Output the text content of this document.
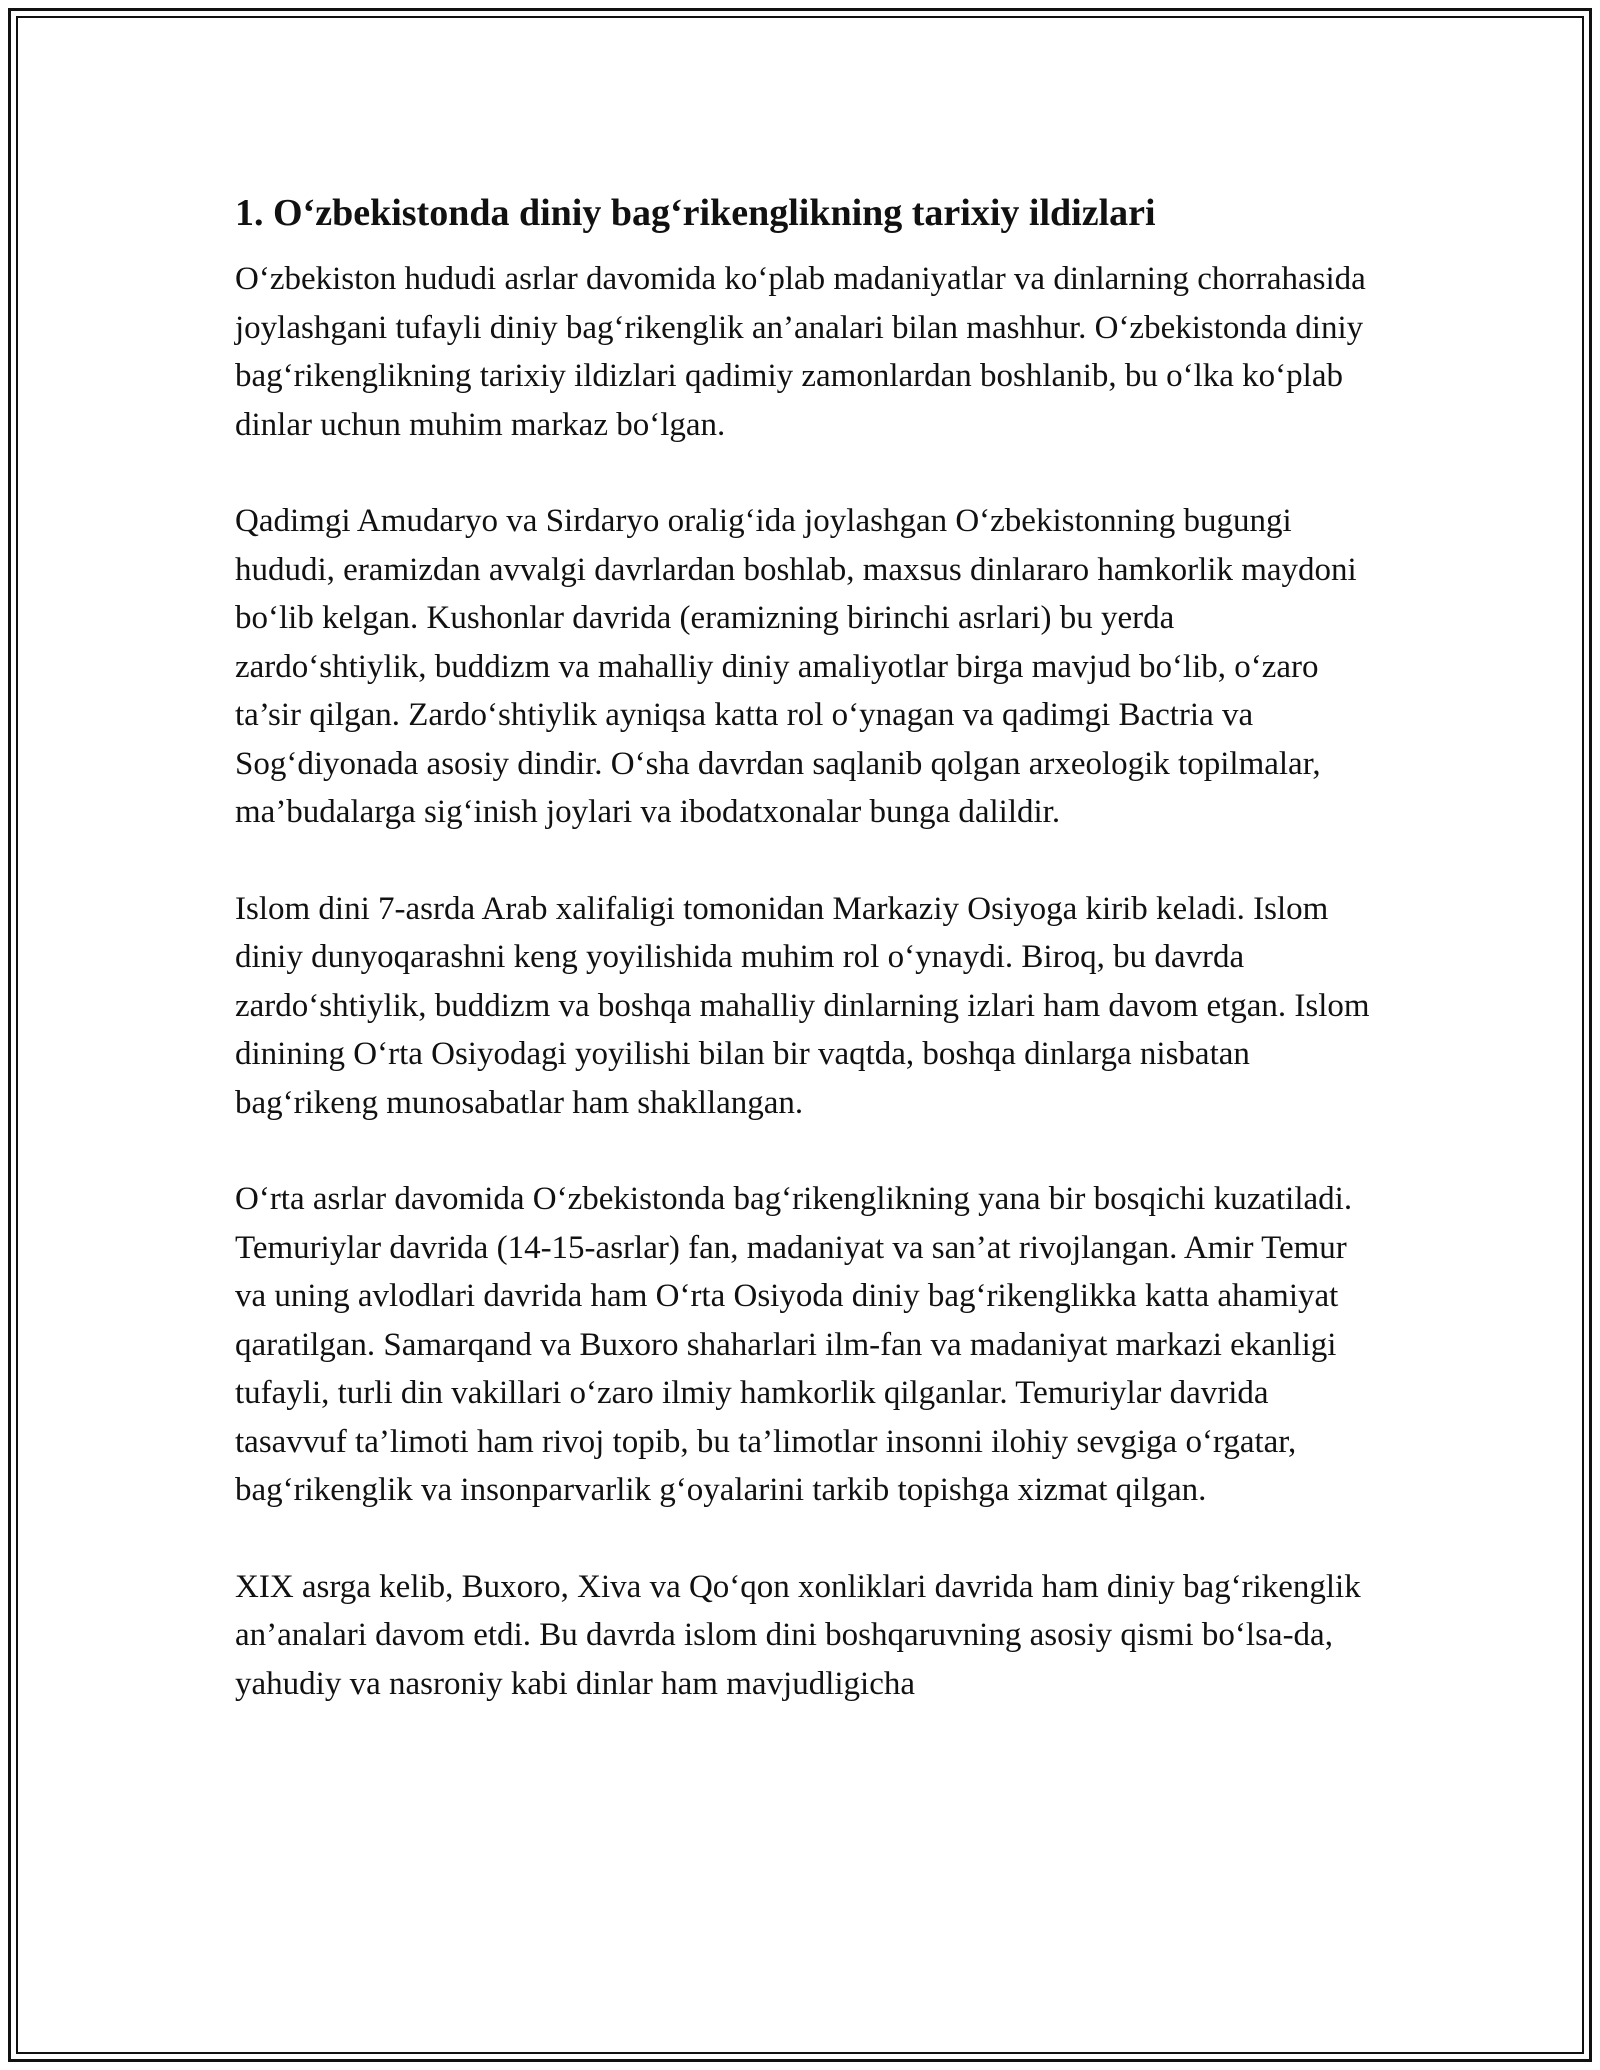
1. O‘zbekistonda diniy bag‘rikenglikning tarixiy ildizlari

O‘zbekiston hududi asrlar davomida ko‘plab madaniyatlar va dinlarning chorrahasida joylashgani tufayli diniy bag‘rikenglik an’analari bilan mashhur. O‘zbekistonda diniy bag‘rikenglikning tarixiy ildizlari qadimiy zamonlardan boshlanib, bu o‘lka ko‘plab dinlar uchun muhim markaz bo‘lgan.

Qadimgi Amudaryo va Sirdaryo oralig‘ida joylashgan O‘zbekistonning bugungi hududi, eramizdan avvalgi davrlardan boshlab, maxsus dinlararo hamkorlik maydoni bo‘lib kelgan. Kushonlar davrida (eramizning birinchi asrlari) bu yerda zardo‘shtiylik, buddizm va mahalliy diniy amaliyotlar birga mavjud bo‘lib, o‘zaro ta’sir qilgan. Zardo‘shtiylik ayniqsa katta rol o‘ynagan va qadimgi Bactria va Sog‘diyonada asosiy dindir. O‘sha davrdan saqlanib qolgan arxeologik topilmalar, ma’budalarga sig‘inish joylari va ibodatxonalar bunga dalildir.

Islom dini 7-asrda Arab xalifaligi tomonidan Markaziy Osiyoga kirib keladi. Islom diniy dunyoqarashni keng yoyilishida muhim rol o‘ynaydi. Biroq, bu davrda zardo‘shtiylik, buddizm va boshqa mahalliy dinlarning izlari ham davom etgan. Islom dinining O‘rta Osiyodagi yoyilishi bilan bir vaqtda, boshqa dinlarga nisbatan bag‘rikeng munosabatlar ham shakllangan.

O‘rta asrlar davomida O‘zbekistonda bag‘rikenglikning yana bir bosqichi kuzatiladi. Temuriylar davrida (14-15-asrlar) fan, madaniyat va san’at rivojlangan. Amir Temur va uning avlodlari davrida ham O‘rta Osiyoda diniy bag‘rikenglikka katta ahamiyat qaratilgan. Samarqand va Buxoro shaharlari ilm-fan va madaniyat markazi ekanligi tufayli, turli din vakillari o‘zaro ilmiy hamkorlik qilganlar. Temuriylar davrida tasavvuf ta’limoti ham rivoj topib, bu ta’limotlar insonni ilohiy sevgiga o‘rgatar, bag‘rikenglik va insonparvarlik g‘oyalarini tarkib topishga xizmat qilgan.

XIX asrga kelib, Buxoro, Xiva va Qo‘qon xonliklari davrida ham diniy bag‘rikenglik an’analari davom etdi. Bu davrda islom dini boshqaruvning asosiy qismi bo‘lsa-da, yahudiy va nasroniy kabi dinlar ham mavjudligicha
